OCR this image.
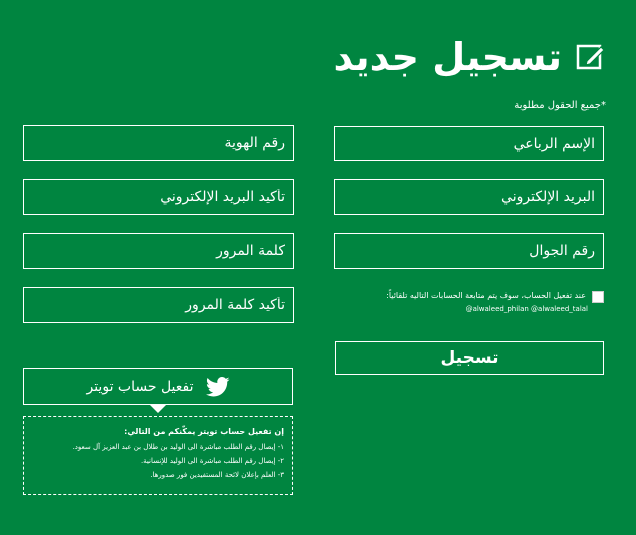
تسجيل جديد
*جميع الحقول مطلوبة
الإسم الرباعي
البريد الإلكتروني
رقم الجوال
رقم الهوية
تأكيد البريد الإلكتروني
كلمة المرور
تأكيد كلمة المرور
عند تفعيل الحساب، سوف يتم متابعة الحسابات التاليه تلقائياً:
@alwaleed_philan @alwaleed_talal
تسجيل
تفعيل حساب تويتر
إن تفعيل حساب تويتر يمكّنكم من التالي:
١- إيصال رقم الطلب مباشرة الى الوليد بن طلال بن عبد العزيز آل سعود.
٢- إيصال رقم الطلب مباشرة الى الوليد للإنسانية.
٣- العلم بإعلان لائحة المستفيدين فور صدورها.
